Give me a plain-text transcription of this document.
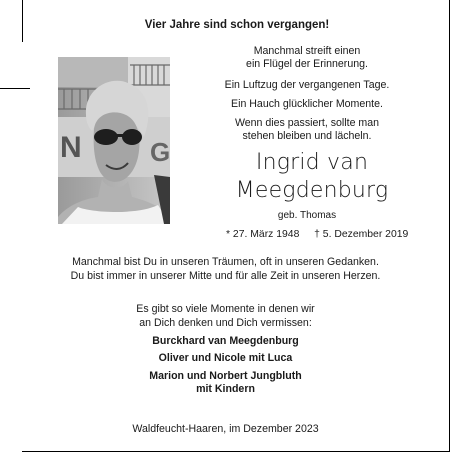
Vier Jahre sind schon vergangen!
N	G
Manchmal streift einen
ein Flügel der Erinnerung.
Ein Luftzug der vergangenen Tage.
Ein Hauch glücklicher Momente.
Wenn dies passiert, sollte man
stehen bleiben und lächeln.
Ingrid van
Meegdenburg
geb. Thomas
* 27. März 1948 † 5. Dezember 2019
Manchmal bist Du in unseren Träumen, oft in unseren Gedanken.
Du bist immer in unserer Mitte und für alle Zeit in unseren Herzen.
Es gibt so viele Momente in denen wir
an Dich denken und Dich vermissen:
Burckhard van Meegdenburg
Oliver und Nicole mit Luca
Marion und Norbert Jungbluth
mit Kindern
Waldfeucht-Haaren, im Dezember 2023
